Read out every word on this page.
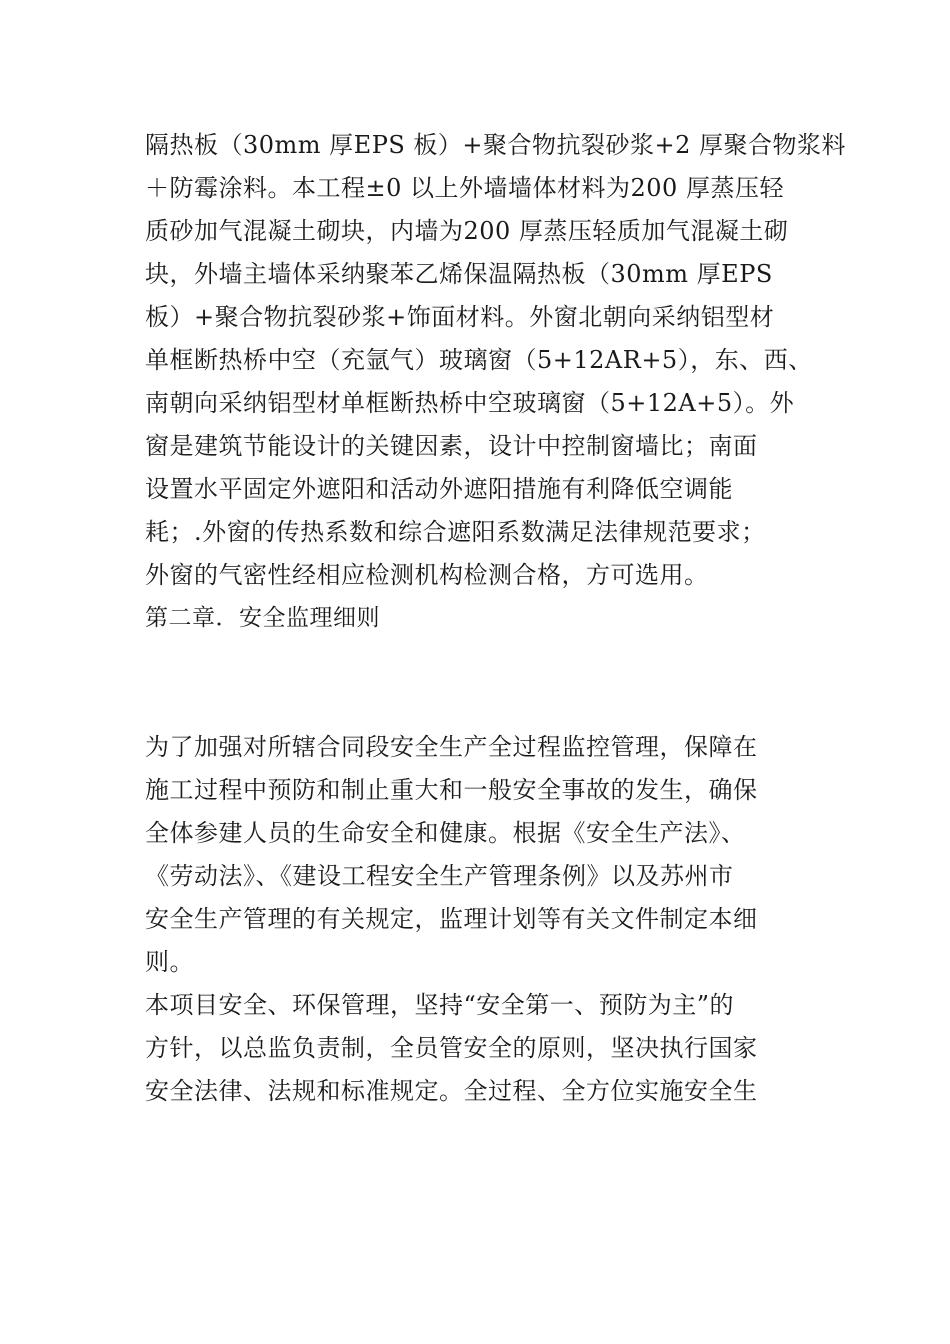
隔热板（30mm 厚EPS 板）+聚合物抗裂砂浆+2 厚聚合物浆料
＋防霉涂料。本工程±0 以上外墙墙体材料为200 厚蒸压轻
质砂加气混凝土砌块，内墙为200 厚蒸压轻质加气混凝土砌
块，外墙主墙体采纳聚苯乙烯保温隔热板（30mm 厚EPS
板）+聚合物抗裂砂浆+饰面材料。外窗北朝向采纳铝型材
单框断热桥中空（充氩气）玻璃窗（5+12AR+5），东、西、
南朝向采纳铝型材单框断热桥中空玻璃窗（5+12A+5）。外
窗是建筑节能设计的关键因素，设计中控制窗墙比；南面
设置水平固定外遮阳和活动外遮阳措施有利降低空调能
耗；.外窗的传热系数和综合遮阳系数满足法律规范要求；
外窗的气密性经相应检测机构检测合格，方可选用。
第二章．安全监理细则
为了加强对所辖合同段安全生产全过程监控管理，保障在
施工过程中预防和制止重大和一般安全事故的发生，确保
全体参建人员的生命安全和健康。根据《安全生产法》、
《劳动法》、《建设工程安全生产管理条例》以及苏州市
安全生产管理的有关规定，监理计划等有关文件制定本细
则。
本项目安全、环保管理，坚持“安全第一、预防为主”的
方针，以总监负责制，全员管安全的原则，坚决执行国家
安全法律、法规和标准规定。全过程、全方位实施安全生
